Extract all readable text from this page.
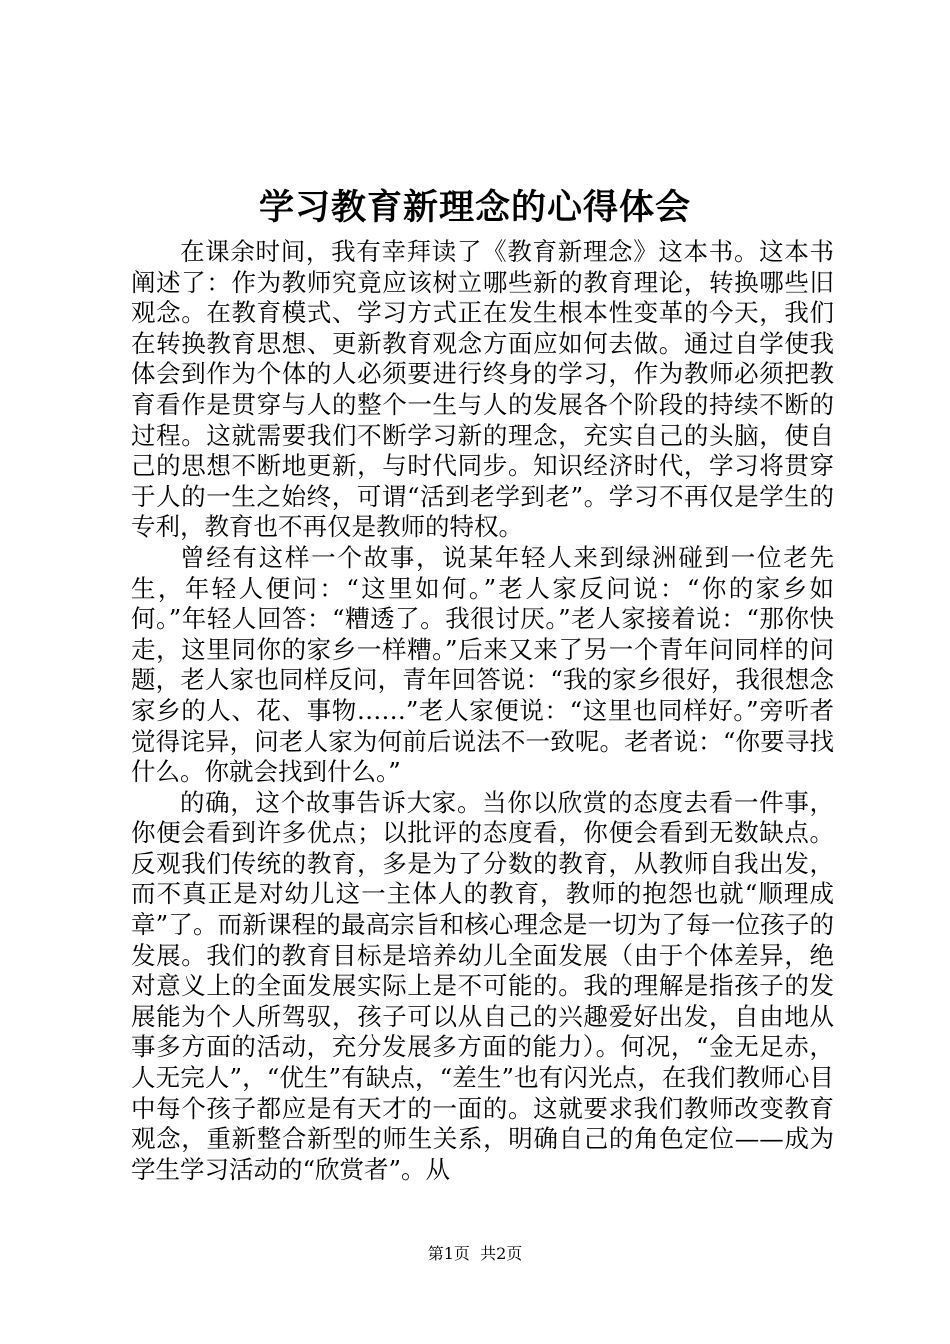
学习教育新理念的心得体会

在课余时间，我有幸拜读了《教育新理念》这本书。这本书阐述了：作为教师究竟应该树立哪些新的教育理论，转换哪些旧观念。在教育模式、学习方式正在发生根本性变革的今天，我们在转换教育思想、更新教育观念方面应如何去做。通过自学使我体会到作为个体的人必须要进行终身的学习，作为教师必须把教育看作是贯穿与人的整个一生与人的发展各个阶段的持续不断的过程。这就需要我们不断学习新的理念，充实自己的头脑，使自己的思想不断地更新，与时代同步。知识经济时代，学习将贯穿于人的一生之始终，可谓“活到老学到老”。学习不再仅是学生的专利，教育也不再仅是教师的特权。

曾经有这样一个故事，说某年轻人来到绿洲碰到一位老先生，年轻人便问：“这里如何。”老人家反问说：“你的家乡如何。”年轻人回答：“糟透了。我很讨厌。”老人家接着说：“那你快走，这里同你的家乡一样糟。”后来又来了另一个青年问同样的问题，老人家也同样反问，青年回答说：“我的家乡很好，我很想念家乡的人、花、事物……”老人家便说：“这里也同样好。”旁听者觉得诧异，问老人家为何前后说法不一致呢。老者说：“你要寻找什么。你就会找到什么。”

的确，这个故事告诉大家。当你以欣赏的态度去看一件事，你便会看到许多优点；以批评的态度看，你便会看到无数缺点。反观我们传统的教育，多是为了分数的教育，从教师自我出发，而不真正是对幼儿这一主体人的教育，教师的抱怨也就“顺理成章”了。而新课程的最高宗旨和核心理念是一切为了每一位孩子的发展。我们的教育目标是培养幼儿全面发展（由于个体差异，绝对意义上的全面发展实际上是不可能的。我的理解是指孩子的发展能为个人所驾驭，孩子可以从自己的兴趣爱好出发，自由地从事多方面的活动，充分发展多方面的能力）。何况，“金无足赤，人无完人”，“优生”有缺点，“差生”也有闪光点，在我们教师心目中每个孩子都应是有天才的一面的。这就要求我们教师改变教育观念，重新整合新型的师生关系，明确自己的角色定位——成为学生学习活动的“欣赏者”。从

第1页 共2页
